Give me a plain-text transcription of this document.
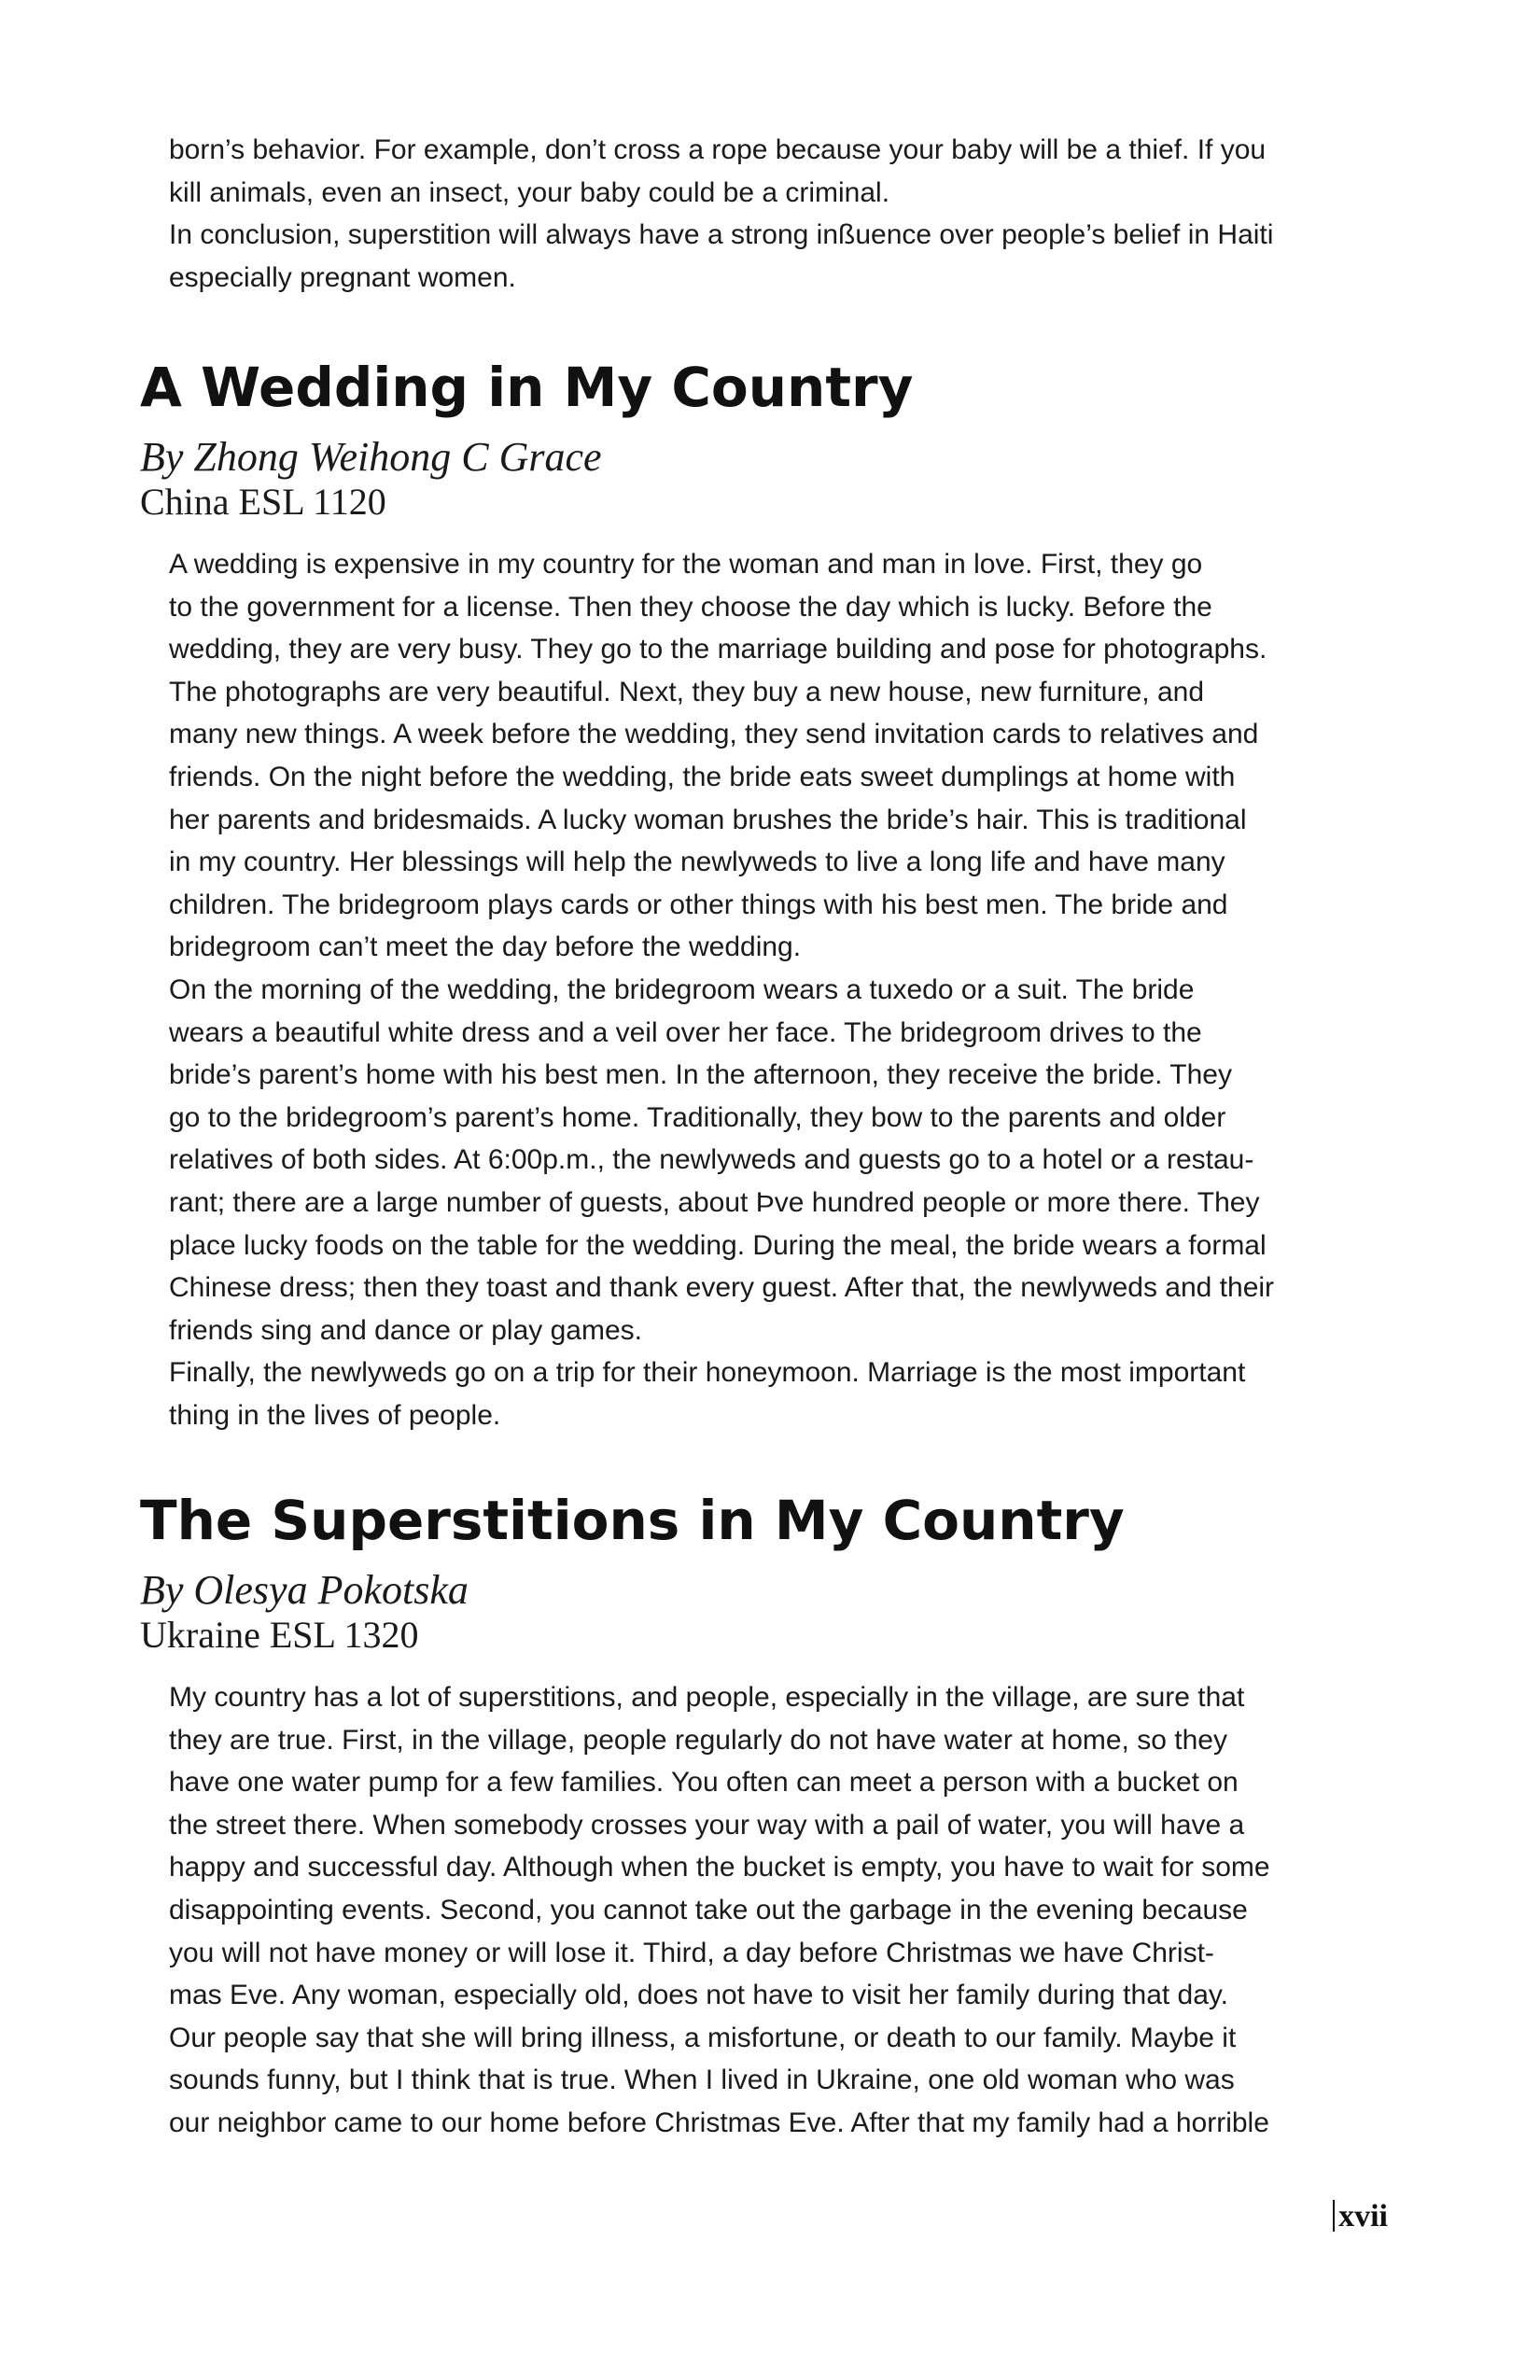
born’s behavior. For example, don’t cross a rope because your baby will be a thief. If you

kill animals, even an insect, your baby could be a criminal.

In conclusion, superstition will always have a strong inßuence over people’s belief in Haiti

especially pregnant women.

A Wedding in My Country

By Zhong Weihong C Grace

China ESL 1120

A wedding is expensive in my country for the woman and man in love. First, they go

to the government for a license. Then they choose the day which is lucky. Before the

wedding, they are very busy. They go to the marriage building and pose for photographs.

The photographs are very beautiful. Next, they buy a new house, new furniture, and

many new things. A week before the wedding, they send invitation cards to relatives and

friends. On the night before the wedding, the bride eats sweet dumplings at home with

her parents and bridesmaids. A lucky woman brushes the bride’s hair. This is traditional

in my country. Her blessings will help the newlyweds to live a long life and have many

children. The bridegroom plays cards or other things with his best men. The bride and

bridegroom can’t meet the day before the wedding.

On the morning of the wedding, the bridegroom wears a tuxedo or a suit. The bride

wears a beautiful white dress and a veil over her face. The bridegroom drives to the

bride’s parent’s home with his best men. In the afternoon, they receive the bride. They

go to the bridegroom’s parent’s home. Traditionally, they bow to the parents and older

relatives of both sides. At 6:00p.m., the newlyweds and guests go to a hotel or a restau-

rant; there are a large number of guests, about Þve hundred people or more there. They

place lucky foods on the table for the wedding. During the meal, the bride wears a formal

Chinese dress; then they toast and thank every guest. After that, the newlyweds and their

friends sing and dance or play games.

Finally, the newlyweds go on a trip for their honeymoon. Marriage is the most important

thing in the lives of people.

The Superstitions in My Country

By Olesya Pokotska

Ukraine ESL 1320

My country has a lot of superstitions, and people, especially in the village, are sure that

they are true. First, in the village, people regularly do not have water at home, so they

have one water pump for a few families. You often can meet a person with a bucket on

the street there. When somebody crosses your way with a pail of water, you will have a

happy and successful day. Although when the bucket is empty, you have to wait for some

disappointing events. Second, you cannot take out the garbage in the evening because

you will not have money or will lose it. Third, a day before Christmas we have Christ-

mas Eve. Any woman, especially old, does not have to visit her family during that day.

Our people say that she will bring illness, a misfortune, or death to our family. Maybe it

sounds funny, but I think that is true. When I lived in Ukraine, one old woman who was

our neighbor came to our home before Christmas Eve. After that my family had a horrible

xvii
